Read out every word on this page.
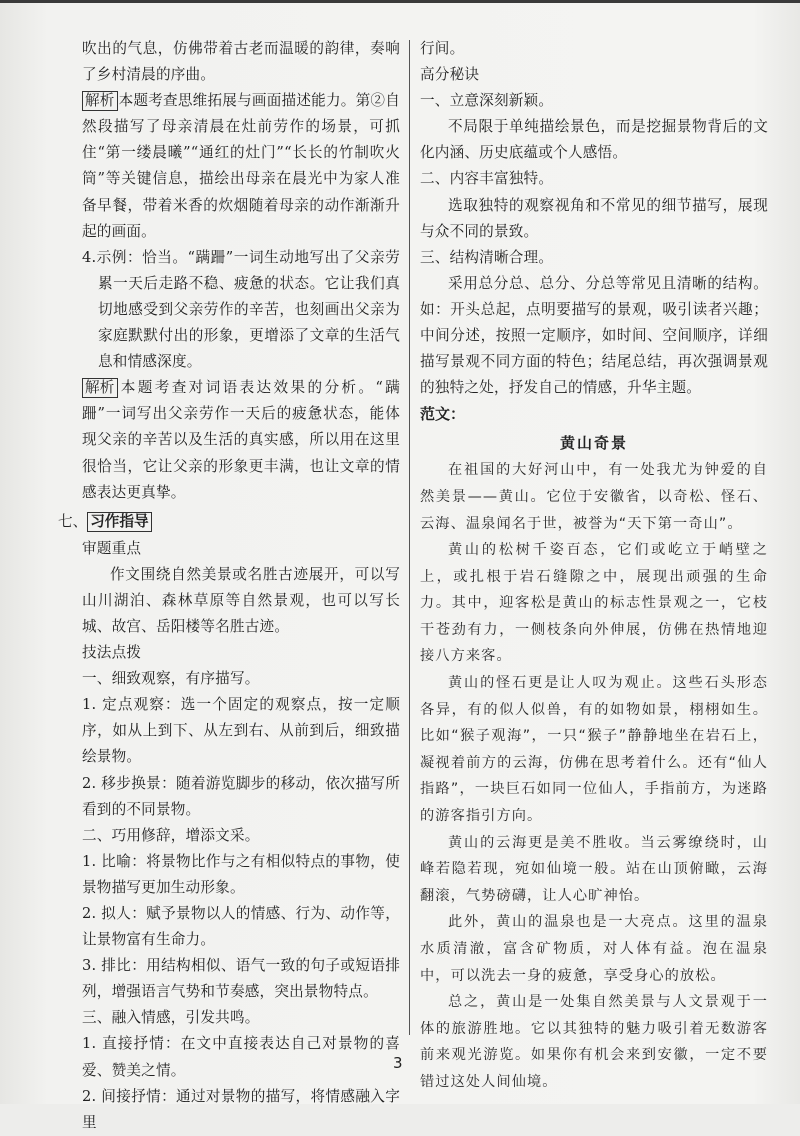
吹出的气息，仿佛带着古老而温暖的韵律，奏响了乡村清晨的序曲。

解析 本题考查思维拓展与画面描述能力。第②自然段描写了母亲清晨在灶前劳作的场景，可抓住“第一缕晨曦”“通红的灶门”“长长的竹制吹火筒”等关键信息，描绘出母亲在晨光中为家人准备早餐，带着米香的炊烟随着母亲的动作渐渐升起的画面。

4.示例：恰当。“蹒跚”一词生动地写出了父亲劳累一天后走路不稳、疲惫的状态。它让我们真切地感受到父亲劳作的辛苦，也刻画出父亲为家庭默默付出的形象，更增添了文章的生活气息和情感深度。

解析 本题考查对词语表达效果的分析。“蹒跚”一词写出父亲劳作一天后的疲惫状态，能体现父亲的辛苦以及生活的真实感，所以用在这里很恰当，它让父亲的形象更丰满，也让文章的情感表达更真挚。

七、 习作指导

审题重点

作文围绕自然美景或名胜古迹展开，可以写山川湖泊、森林草原等自然景观，也可以写长城、故宫、岳阳楼等名胜古迹。

技法点拨

一、细致观察，有序描写。

1. 定点观察：选一个固定的观察点，按一定顺序，如从上到下、从左到右、从前到后，细致描绘景物。

2. 移步换景：随着游览脚步的移动，依次描写所看到的不同景物。

二、巧用修辞，增添文采。

1. 比喻：将景物比作与之有相似特点的事物，使景物描写更加生动形象。

2. 拟人：赋予景物以人的情感、行为、动作等，让景物富有生命力。

3. 排比：用结构相似、语气一致的句子或短语排列，增强语言气势和节奏感，突出景物特点。

三、融入情感，引发共鸣。

1. 直接抒情：在文中直接表达自己对景物的喜爱、赞美之情。

2. 间接抒情：通过对景物的描写，将情感融入字里

行间。

高分秘诀

一、立意深刻新颖。

不局限于单纯描绘景色，而是挖掘景物背后的文化内涵、历史底蕴或个人感悟。

二、内容丰富独特。

选取独特的观察视角和不常见的细节描写，展现与众不同的景致。

三、结构清晰合理。

采用总分总、总分、分总等常见且清晰的结构。如：开头总起，点明要描写的景观，吸引读者兴趣；中间分述，按照一定顺序，如时间、空间顺序，详细描写景观不同方面的特色；结尾总结，再次强调景观的独特之处，抒发自己的情感，升华主题。

范文：

黄山奇景

在祖国的大好河山中，有一处我尤为钟爱的自然美景——黄山。它位于安徽省，以奇松、怪石、云海、温泉闻名于世，被誉为“天下第一奇山”。

黄山的松树千姿百态，它们或屹立于峭壁之上，或扎根于岩石缝隙之中，展现出顽强的生命力。其中，迎客松是黄山的标志性景观之一，它枝干苍劲有力，一侧枝条向外伸展，仿佛在热情地迎接八方来客。

黄山的怪石更是让人叹为观止。这些石头形态各异，有的似人似兽，有的如物如景，栩栩如生。比如“猴子观海”，一只“猴子”静静地坐在岩石上，凝视着前方的云海，仿佛在思考着什么。还有“仙人指路”，一块巨石如同一位仙人，手指前方，为迷路的游客指引方向。

黄山的云海更是美不胜收。当云雾缭绕时，山峰若隐若现，宛如仙境一般。站在山顶俯瞰，云海翻滚，气势磅礴，让人心旷神怡。

此外，黄山的温泉也是一大亮点。这里的温泉水质清澈，富含矿物质，对人体有益。泡在温泉中，可以洗去一身的疲惫，享受身心的放松。

总之，黄山是一处集自然美景与人文景观于一体的旅游胜地。它以其独特的魅力吸引着无数游客前来观光游览。如果你有机会来到安徽，一定不要错过这处人间仙境。

3
